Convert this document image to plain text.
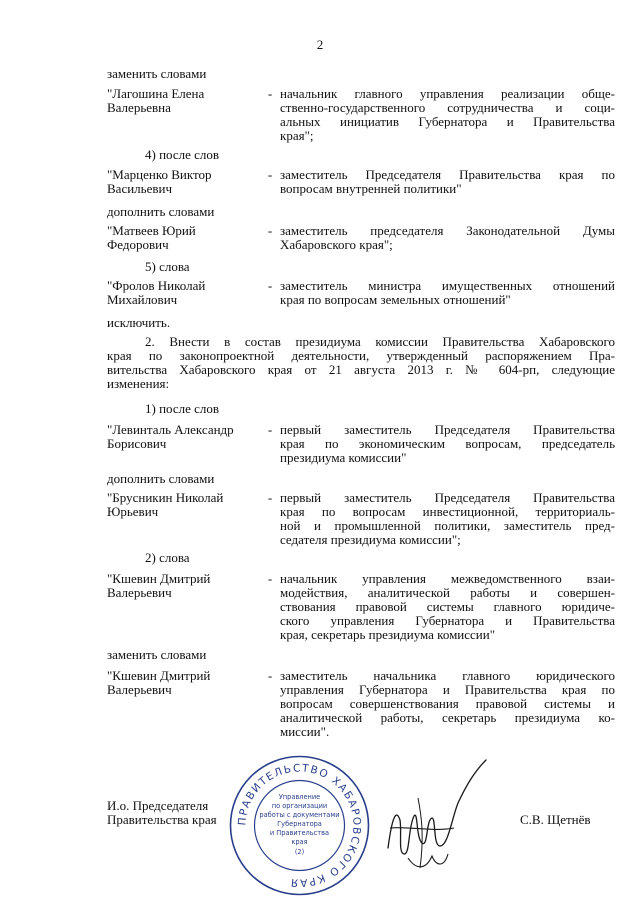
2
заменить словами
"Лагошина Елена
Валерьевна
- начальник главного управления реализации обще-
ственно-государственного сотрудничества и соци-
альных инициатив Губернатора и Правительства
края";
4) после слов
"Марценко Виктор
Васильевич
- заместитель Председателя Правительства края по
вопросам внутренней политики"
дополнить словами
"Матвеев Юрий
Федорович
- заместитель председателя Законодательной Думы
Хабаровского края";
5) слова
"Фролов Николай
Михайлович
- заместитель министра имущественных отношений
края по вопросам земельных отношений"
исключить.
2. Внести в состав президиума комиссии Правительства Хабаровского
края по законопроектной деятельности, утвержденный распоряжением Пра-
вительства Хабаровского края от 21 августа 2013 г. № 604-рп, следующие
изменения:
1) после слов
"Левинталь Александр
Борисович
- первый заместитель Председателя Правительства
края по экономическим вопросам, председатель
президиума комиссии"
дополнить словами
"Брусникин Николай
Юрьевич
- первый заместитель Председателя Правительства
края по вопросам инвестиционной, территориаль-
ной и промышленной политики, заместитель пред-
седателя президиума комиссии";
2) слова
"Кшевин Дмитрий
Валерьевич
- начальник управления межведомственного взаи-
модействия, аналитической работы и совершен-
ствования правовой системы главного юридиче-
ского управления Губернатора и Правительства
края, секретарь президиума комиссии"
заменить словами
"Кшевин Дмитрий
Валерьевич
- заместитель начальника главного юридического
управления Губернатора и Правительства края по
вопросам совершенствования правовой системы и
аналитической работы, секретарь президиума ко-
миссии".
ПРАВИТЕЛЬСТВО ХАБАРОВСКОГО КРАЯ
Управление
по организации
работы с документами
Губернатора
и Правительства
края
(2)
И.о. Председателя
Правительства края	С.В. Щетнёв
